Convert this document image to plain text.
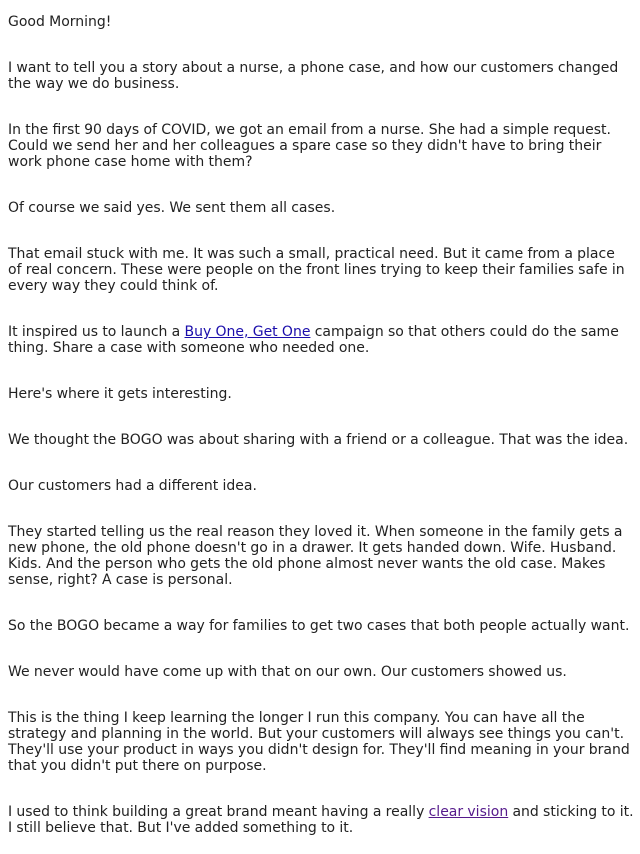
Good Morning!

I want to tell you a story about a nurse, a phone case, and how our customers changed
the way we do business.

In the first 90 days of COVID, we got an email from a nurse. She had a simple request.
Could we send her and her colleagues a spare case so they didn't have to bring their
work phone case home with them?

Of course we said yes. We sent them all cases.

That email stuck with me. It was such a small, practical need. But it came from a place
of real concern. These were people on the front lines trying to keep their families safe in
every way they could think of.

It inspired us to launch a Buy One, Get One campaign so that others could do the same
thing. Share a case with someone who needed one.

Here's where it gets interesting.

We thought the BOGO was about sharing with a friend or a colleague. That was the idea.

Our customers had a different idea.

They started telling us the real reason they loved it. When someone in the family gets a
new phone, the old phone doesn't go in a drawer. It gets handed down. Wife. Husband.
Kids. And the person who gets the old phone almost never wants the old case. Makes
sense, right? A case is personal.

So the BOGO became a way for families to get two cases that both people actually want.

We never would have come up with that on our own. Our customers showed us.

This is the thing I keep learning the longer I run this company. You can have all the
strategy and planning in the world. But your customers will always see things you can't.
They'll use your product in ways you didn't design for. They'll find meaning in your brand
that you didn't put there on purpose.

I used to think building a great brand meant having a really clear vision and sticking to it.
I still believe that. But I've added something to it.
